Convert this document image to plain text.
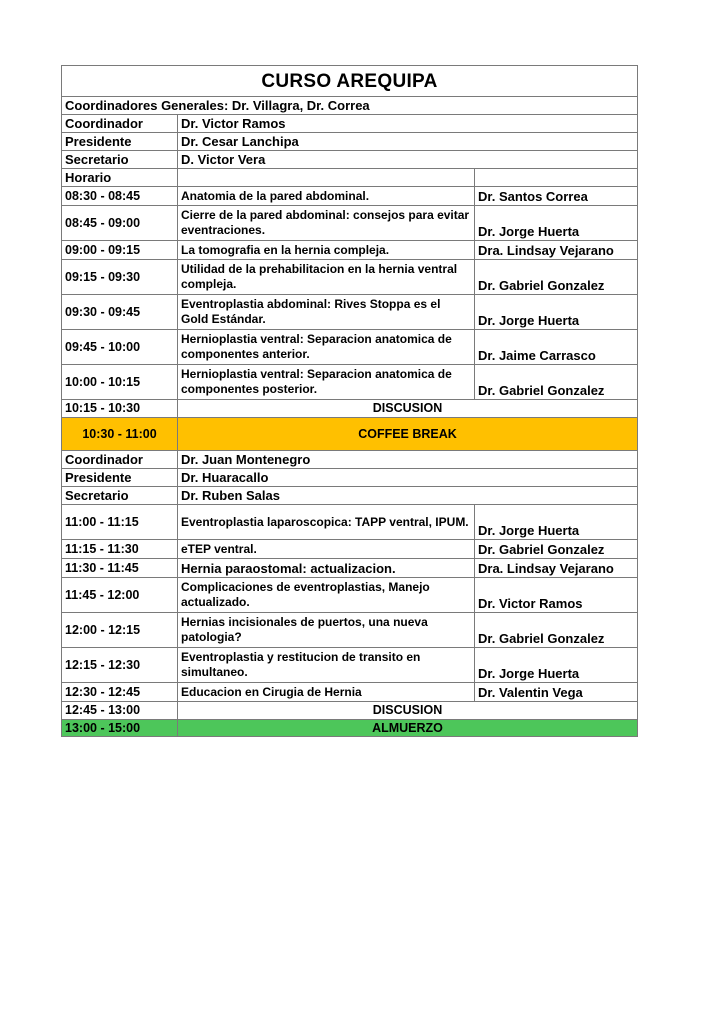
CURSO AREQUIPA		
Coordinadores Generales: Dr. Villagra, Dr. Correa		
Coordinador	Dr. Victor Ramos	
Presidente	Dr. Cesar Lanchipa	
Secretario	D. Victor Vera	
Horario		
08:30 - 08:45	Anatomia de la pared abdominal.	Dr. Santos Correa
08:45 - 09:00	Cierre de la pared abdominal: consejos para evitar eventraciones.	Dr. Jorge Huerta
09:00 - 09:15	La tomografia en la hernia compleja.	Dra. Lindsay Vejarano
09:15 - 09:30	Utilidad de la prehabilitacion en la hernia ventral compleja.	Dr. Gabriel Gonzalez
09:30 - 09:45	Eventroplastia abdominal: Rives Stoppa es el Gold Estándar.	Dr. Jorge Huerta
09:45 - 10:00	Hernioplastia ventral: Separacion anatomica de componentes anterior.	Dr. Jaime Carrasco
10:00 - 10:15	Hernioplastia ventral: Separacion anatomica de componentes posterior.	Dr. Gabriel Gonzalez
10:15 - 10:30	DISCUSION	
10:30 - 11:00	COFFEE BREAK	
Coordinador	Dr. Juan Montenegro	
Presidente	Dr. Huaracallo	
Secretario	Dr. Ruben Salas	
11:00 - 11:15	Eventroplastia laparoscopica: TAPP ventral, IPUM.	Dr. Jorge Huerta
11:15 - 11:30	eTEP ventral.	Dr. Gabriel Gonzalez
11:30 - 11:45	Hernia paraostomal: actualizacion.	Dra. Lindsay Vejarano
11:45 - 12:00	Complicaciones de eventroplastias, Manejo actualizado.	Dr. Victor Ramos
12:00 - 12:15	Hernias incisionales de puertos, una nueva patologia?	Dr. Gabriel Gonzalez
12:15 - 12:30	Eventroplastia y restitucion de transito en simultaneo.	Dr. Jorge Huerta
12:30 - 12:45	Educacion en Cirugia de Hernia	Dr. Valentin Vega
12:45 - 13:00	DISCUSION	
13:00 - 15:00	ALMUERZO	
